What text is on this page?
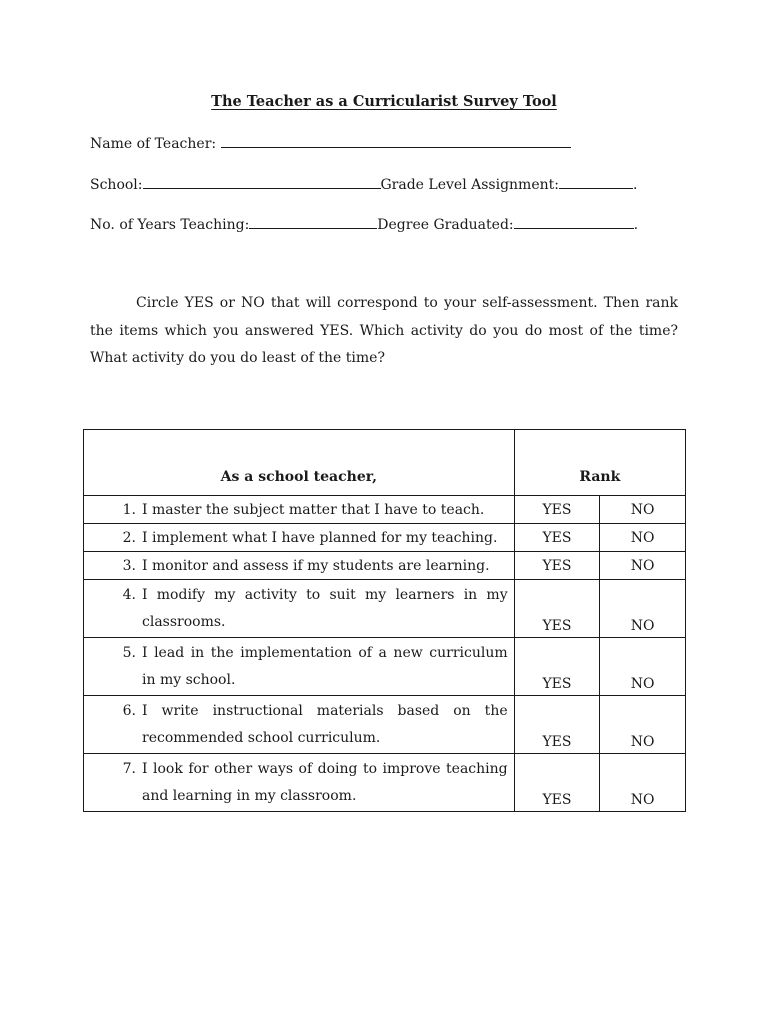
The Teacher as a Curricularist Survey Tool
Name of Teacher:
School:	Grade Level Assignment:	.
No. of Years Teaching:	Degree Graduated:	.
Circle YES or NO that will correspond to your self-assessment. Then rank the items which you answered YES. Which activity do you do most of the time? What activity do you do least of the time?
As a school teacher,	Rank	

1. I master the subject matter that I have to teach.	YES	NO

2. I implement what I have planned for my teaching.	YES	NO

3. I monitor and assess if my students are learning.	YES	NO

4. I modify my activity to suit my learners in my
classrooms.	YES	NO

5. I lead in the implementation of a new curriculum
in my school.	YES	NO

6. I write instructional materials based on the
recommended school curriculum.	YES	NO

7. I look for other ways of doing to improve teaching
and learning in my classroom.	YES	NO
